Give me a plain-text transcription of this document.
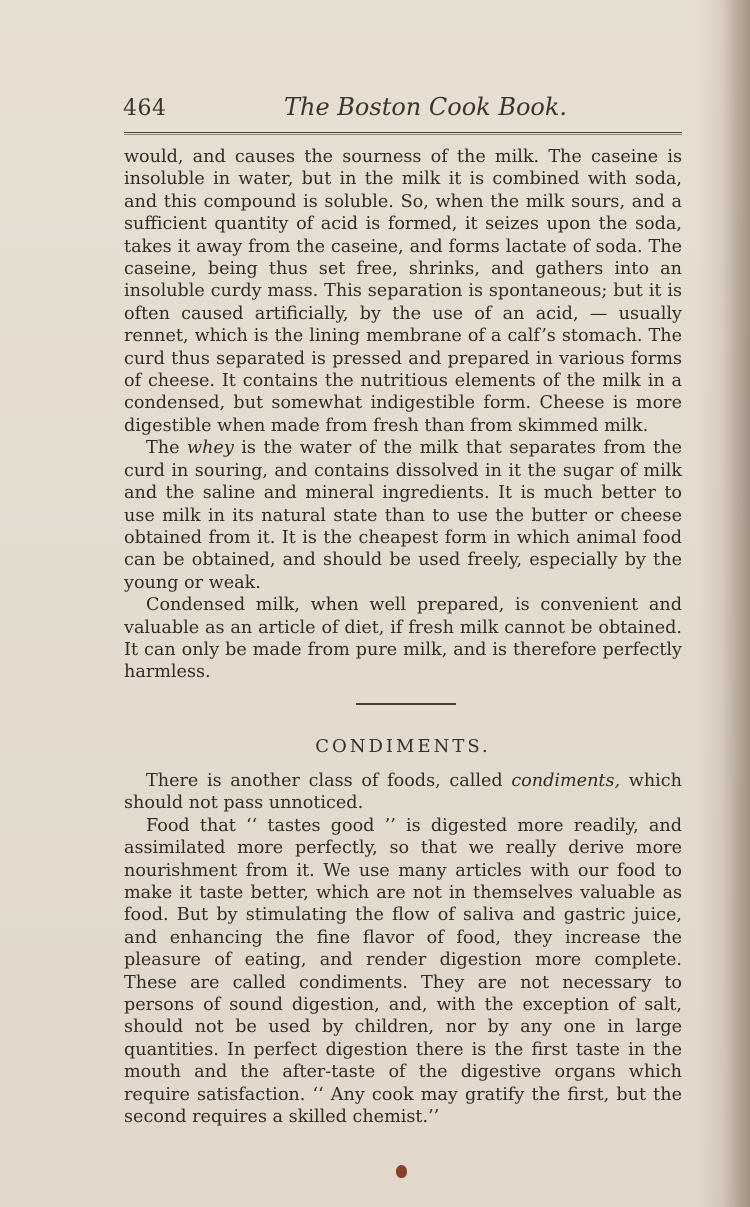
464	The Boston Cook Book.

would, and causes the sourness of the milk. The caseine is insoluble in water, but in the milk it is combined with soda, and this compound is soluble. So, when the milk sours, and a sufficient quantity of acid is formed, it seizes upon the soda, takes it away from the caseine, and forms lactate of soda. The caseine, being thus set free, shrinks, and gathers into an insoluble curdy mass. This separation is spontaneous; but it is often caused artificially, by the use of an acid, — usually rennet, which is the lining membrane of a calf’s stomach. The curd thus separated is pressed and prepared in various forms of cheese. It contains the nutritious elements of the milk in a condensed, but somewhat indigestible form. Cheese is more digestible when made from fresh than from skimmed milk.

The whey is the water of the milk that separates from the curd in souring, and contains dissolved in it the sugar of milk and the saline and mineral ingredients. It is much better to use milk in its natural state than to use the butter or cheese obtained from it. It is the cheapest form in which animal food can be obtained, and should be used freely, especially by the young or weak.

Condensed milk, when well prepared, is convenient and valuable as an article of diet, if fresh milk cannot be obtained. It can only be made from pure milk, and is therefore perfectly harmless.

CONDIMENTS.

There is another class of foods, called condiments, which should not pass unnoticed.

Food that ‘‘ tastes good ’’ is digested more readily, and assimilated more perfectly, so that we really derive more nourishment from it. We use many articles with our food to make it taste better, which are not in themselves valuable as food. But by stimulating the flow of saliva and gastric juice, and enhancing the fine flavor of food, they increase the pleasure of eating, and render digestion more complete. These are called condiments. They are not necessary to persons of sound digestion, and, with the exception of salt, should not be used by children, nor by any one in large quantities. In perfect digestion there is the first taste in the mouth and the after-taste of the digestive organs which require satisfaction. ‘‘ Any cook may gratify the first, but the second requires a skilled chemist.’’
